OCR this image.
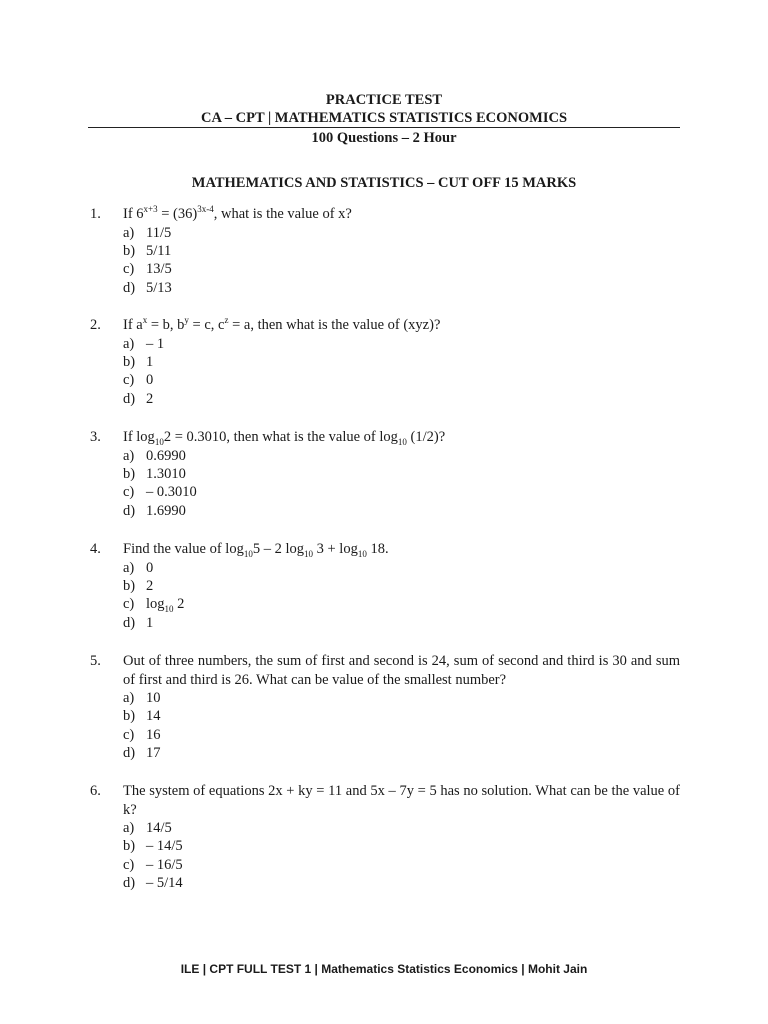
PRACTICE TEST
CA – CPT | MATHEMATICS STATISTICS ECONOMICS
100 Questions – 2 Hour
MATHEMATICS AND STATISTICS – CUT OFF 15 MARKS
1.	If $6^{x+3} = (36)^{3x-4}$, what is the value of x?
a) 11/5
b) 5/11
c) 13/5
d) 5/13
2.	If $a^x = b$, $b^y = c$, $c^z = a$, then what is the value of (xyz)?
a) – 1
b) 1
c) 0
d) 2
3.	If $\log_{10}2 = 0.3010$, then what is the value of $\log_{10} (1/2)$?
a) 0.6990
b) 1.3010
c) – 0.3010
d) 1.6990
4.	Find the value of $\log_{10}5 - 2$ $\log_{10} 3 + \log_{10} 18$.
a) 0
b) 2
c) $\log_{10} 2$
d) 1
5.	Out of three numbers, the sum of first and second is 24, sum of second and third is 30 and sum of first and third is 26. What can be value of the smallest number?
a) 10
b) 14
c) 16
d) 17
6.	The system of equations 2x + ky = 11 and 5x – 7y = 5 has no solution. What can be the value of k?
a) 14/5
b) – 14/5
c) – 16/5
d) – 5/14
ILE | CPT FULL TEST 1 | Mathematics Statistics Economics | Mohit Jain
